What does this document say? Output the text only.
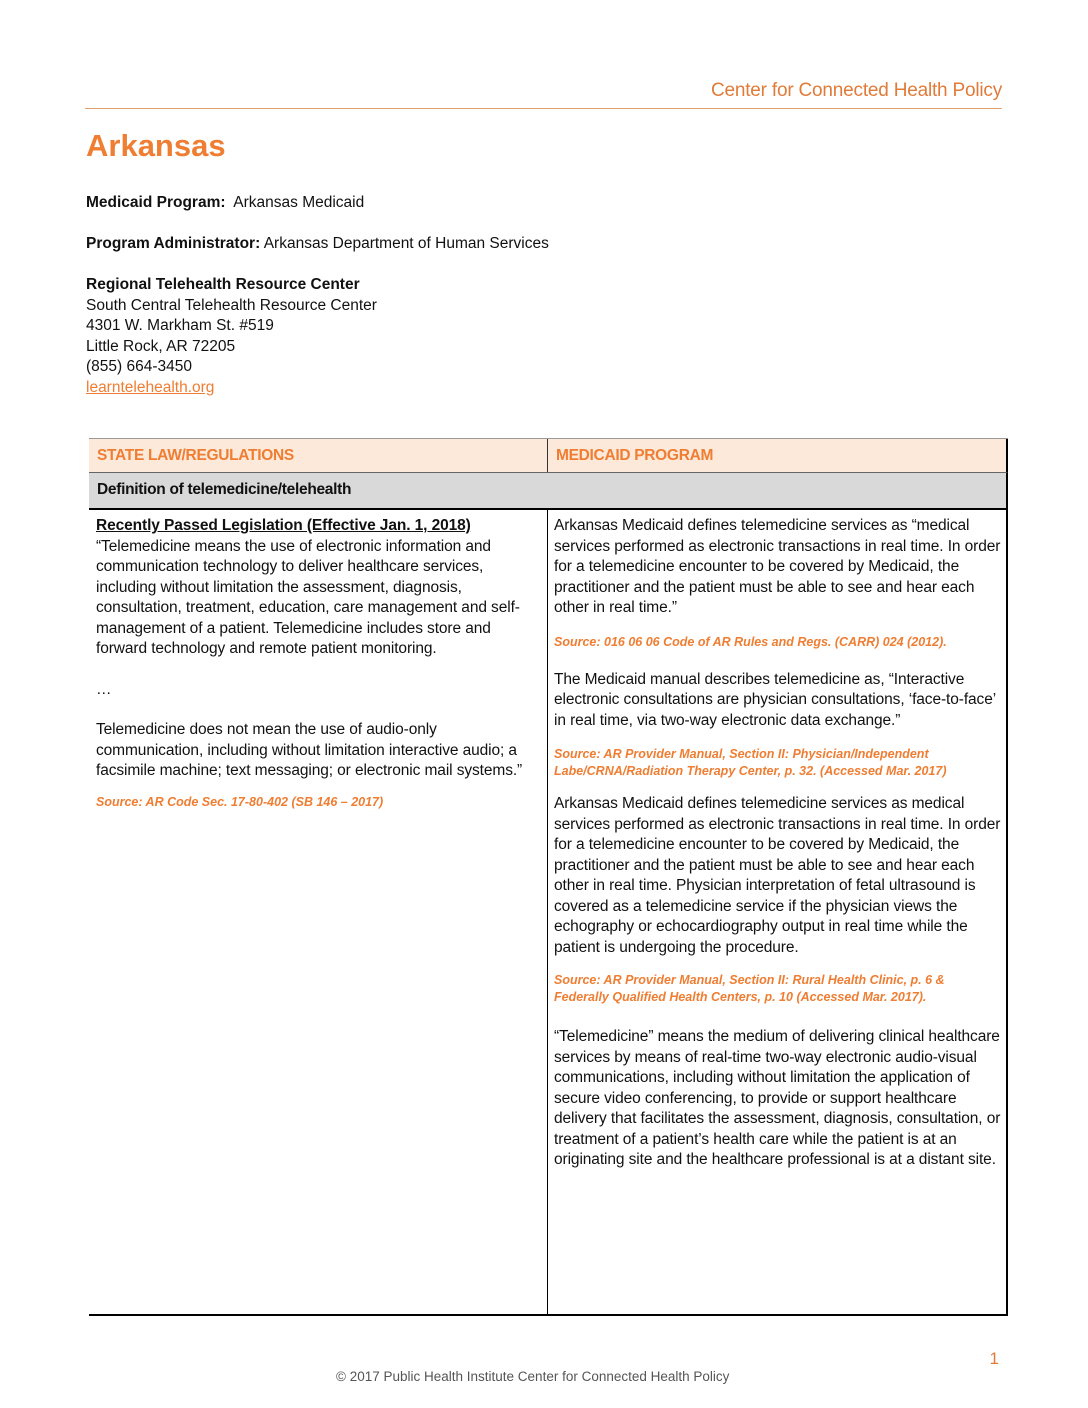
Center for Connected Health Policy
Arkansas
Medicaid Program: Arkansas Medicaid
Program Administrator: Arkansas Department of Human Services
Regional Telehealth Resource Center
South Central Telehealth Resource Center
4301 W. Markham St. #519
Little Rock, AR 72205
(855) 664-3450
learntelehealth.org
STATE LAW/REGULATIONS	MEDICAID PROGRAM
Definition of telemedicine/telehealth

Recently Passed Legislation (Effective Jan. 1, 2018)

“Telemedicine means the use of electronic information and communication technology to deliver healthcare services, including without limitation the assessment, diagnosis, consultation, treatment, education, care management and self-management of a patient. Telemedicine includes store and forward technology and remote patient monitoring.

…

Telemedicine does not mean the use of audio-only communication, including without limitation interactive audio; a facsimile machine; text messaging; or electronic mail systems.”

Source: AR Code Sec. 17-80-402 (SB 146 – 2017)

Arkansas Medicaid defines telemedicine services as “medical services performed as electronic transactions in real time. In order for a telemedicine encounter to be covered by Medicaid, the practitioner and the patient must be able to see and hear each other in real time.”

Source: 016 06 06 Code of AR Rules and Regs. (CARR) 024 (2012).

The Medicaid manual describes telemedicine as, “Interactive electronic consultations are physician consultations, ‘face-to-face’ in real time, via two-way electronic data exchange.”

Source: AR Provider Manual, Section II: Physician/Independent Labe/CRNA/Radiation Therapy Center, p. 32. (Accessed Mar. 2017)

Arkansas Medicaid defines telemedicine services as medical services performed as electronic transactions in real time. In order for a telemedicine encounter to be covered by Medicaid, the practitioner and the patient must be able to see and hear each other in real time. Physician interpretation of fetal ultrasound is covered as a telemedicine service if the physician views the echography or echocardiography output in real time while the patient is undergoing the procedure.

Source: AR Provider Manual, Section II: Rural Health Clinic, p. 6 & Federally Qualified Health Centers, p. 10 (Accessed Mar. 2017).

“Telemedicine” means the medium of delivering clinical healthcare services by means of real-time two-way electronic audio-visual communications, including without limitation the application of secure video conferencing, to provide or support healthcare delivery that facilitates the assessment, diagnosis, consultation, or treatment of a patient’s health care while the patient is at an originating site and the healthcare professional is at a distant site.

1
© 2017 Public Health Institute Center for Connected Health Policy
